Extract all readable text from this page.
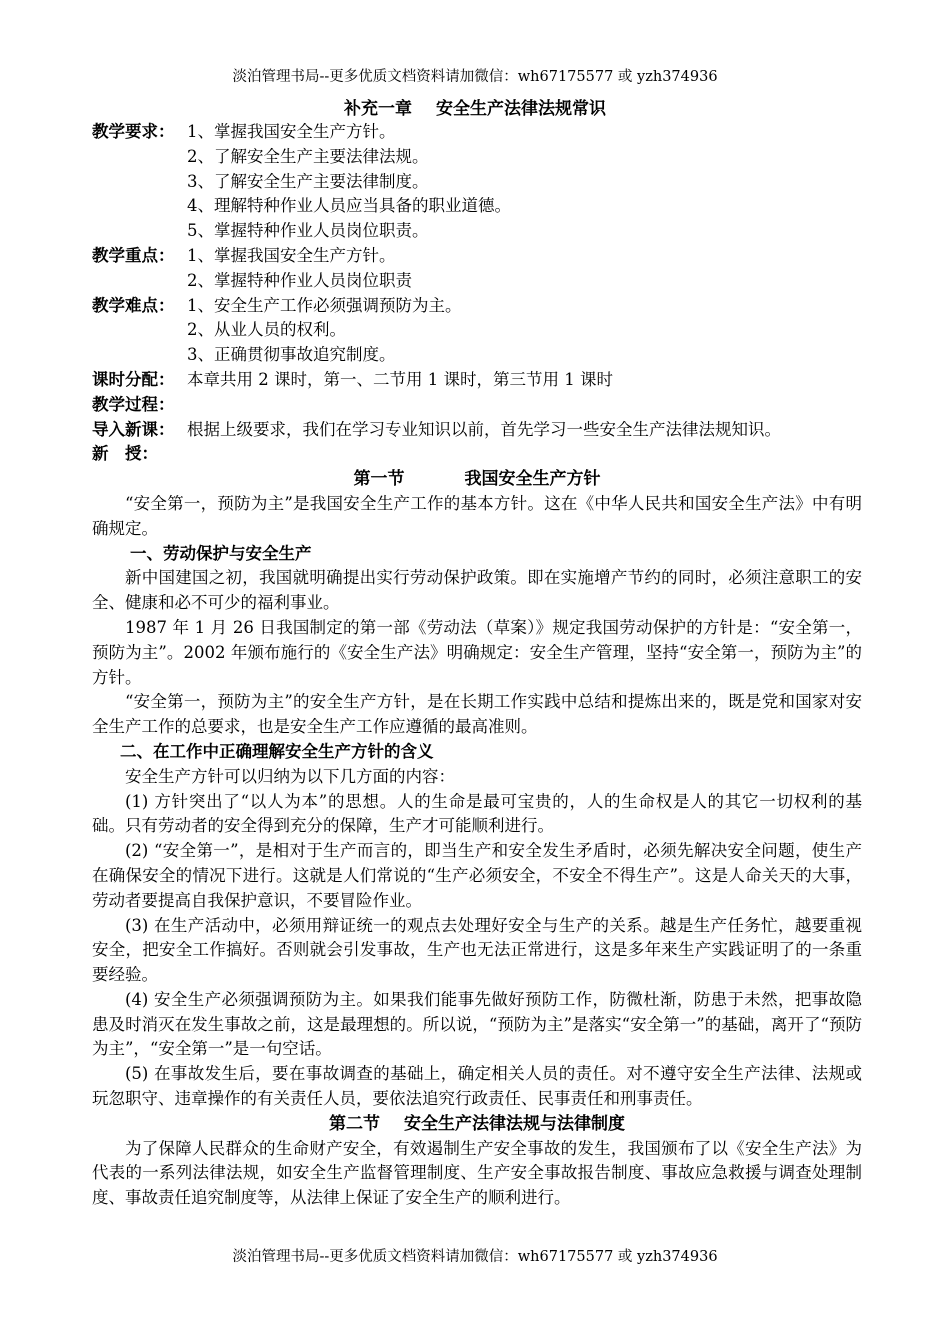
淡泊管理书局--更多优质文档资料请加微信：wh67175577 或 yzh374936
补充一章 安全生产法律法规常识
教学要求： 1、掌握我国安全生产方针。
2、了解安全生产主要法律法规。
3、了解安全生产主要法律制度。
4、理解特种作业人员应当具备的职业道德。
5、掌握特种作业人员岗位职责。
教学重点： 1、掌握我国安全生产方针。
2、掌握特种作业人员岗位职责
教学难点： 1、安全生产工作必须强调预防为主。
2、从业人员的权利。
3、正确贯彻事故追究制度。
课时分配： 本章共用 2 课时，第一、二节用 1 课时，第三节用 1 课时
教学过程：
导入新课： 根据上级要求，我们在学习专业知识以前，首先学习一些安全生产法律法规知识。
新　授：
第一节	我国安全生产方针
“安全第一，预防为主”是我国安全生产工作的基本方针。这在《中华人民共和国安全生产法》中有明确规定。
一、劳动保护与安全生产
新中国建国之初，我国就明确提出实行劳动保护政策。即在实施增产节约的同时，必须注意职工的安全、健康和必不可少的福利事业。
1987 年 1 月 26 日我国制定的第一部《劳动法（草案）》规定我国劳动保护的方针是：“安全第一，预防为主”。2002 年颁布施行的《安全生产法》明确规定：安全生产管理，坚持“安全第一，预防为主”的方针。
“安全第一，预防为主”的安全生产方针，是在长期工作实践中总结和提炼出来的，既是党和国家对安全生产工作的总要求，也是安全生产工作应遵循的最高准则。
二、在工作中正确理解安全生产方针的含义
安全生产方针可以归纳为以下几方面的内容：
(1) 方针突出了“以人为本”的思想。人的生命是最可宝贵的，人的生命权是人的其它一切权利的基础。只有劳动者的安全得到充分的保障，生产才可能顺利进行。
(2) “安全第一”，是相对于生产而言的，即当生产和安全发生矛盾时，必须先解决安全问题，使生产在确保安全的情况下进行。这就是人们常说的“生产必须安全，不安全不得生产”。这是人命关天的大事，劳动者要提高自我保护意识，不要冒险作业。
(3) 在生产活动中，必须用辩证统一的观点去处理好安全与生产的关系。越是生产任务忙，越要重视安全，把安全工作搞好。否则就会引发事故，生产也无法正常进行，这是多年来生产实践证明了的一条重要经验。
(4) 安全生产必须强调预防为主。如果我们能事先做好预防工作，防微杜渐，防患于未然，把事故隐患及时消灭在发生事故之前，这是最理想的。所以说，“预防为主”是落实“安全第一”的基础，离开了“预防为主”，“安全第一”是一句空话。
(5) 在事故发生后，要在事故调查的基础上，确定相关人员的责任。对不遵守安全生产法律、法规或玩忽职守、违章操作的有关责任人员，要依法追究行政责任、民事责任和刑事责任。
第二节 安全生产法律法规与法律制度
为了保障人民群众的生命财产安全，有效遏制生产安全事故的发生，我国颁布了以《安全生产法》为代表的一系列法律法规，如安全生产监督管理制度、生产安全事故报告制度、事故应急救援与调查处理制度、事故责任追究制度等，从法律上保证了安全生产的顺利进行。
淡泊管理书局--更多优质文档资料请加微信：wh67175577 或 yzh374936
